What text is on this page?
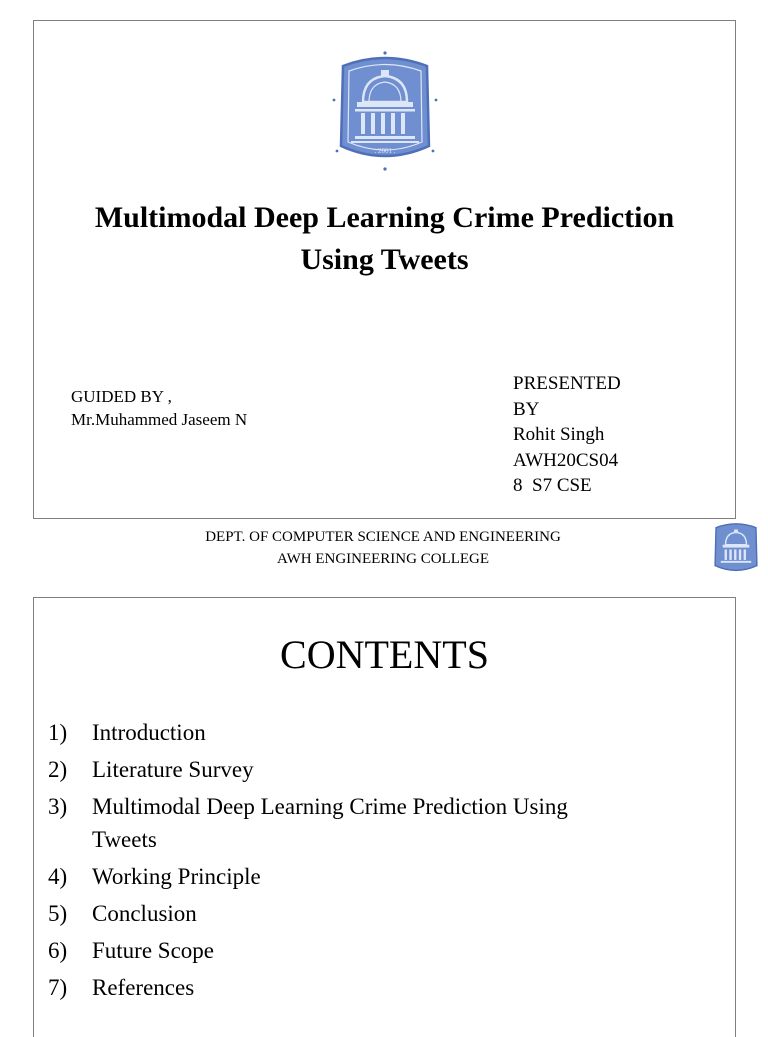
. 2001 .
Multimodal Deep Learning Crime Prediction
Using Tweets
GUIDED BY ,
Mr.Muhammed Jaseem N
PRESENTED
BY
Rohit Singh
AWH20CS04
8  S7 CSE
DEPT. OF COMPUTER SCIENCE AND ENGINEERING
AWH ENGINEERING COLLEGE
CONTENTS
1)	Introduction
2)	Literature Survey
3)	Multimodal Deep Learning Crime Prediction Using Tweets
4)	Working Principle
5)	Conclusion
6)	Future Scope
7)	References
